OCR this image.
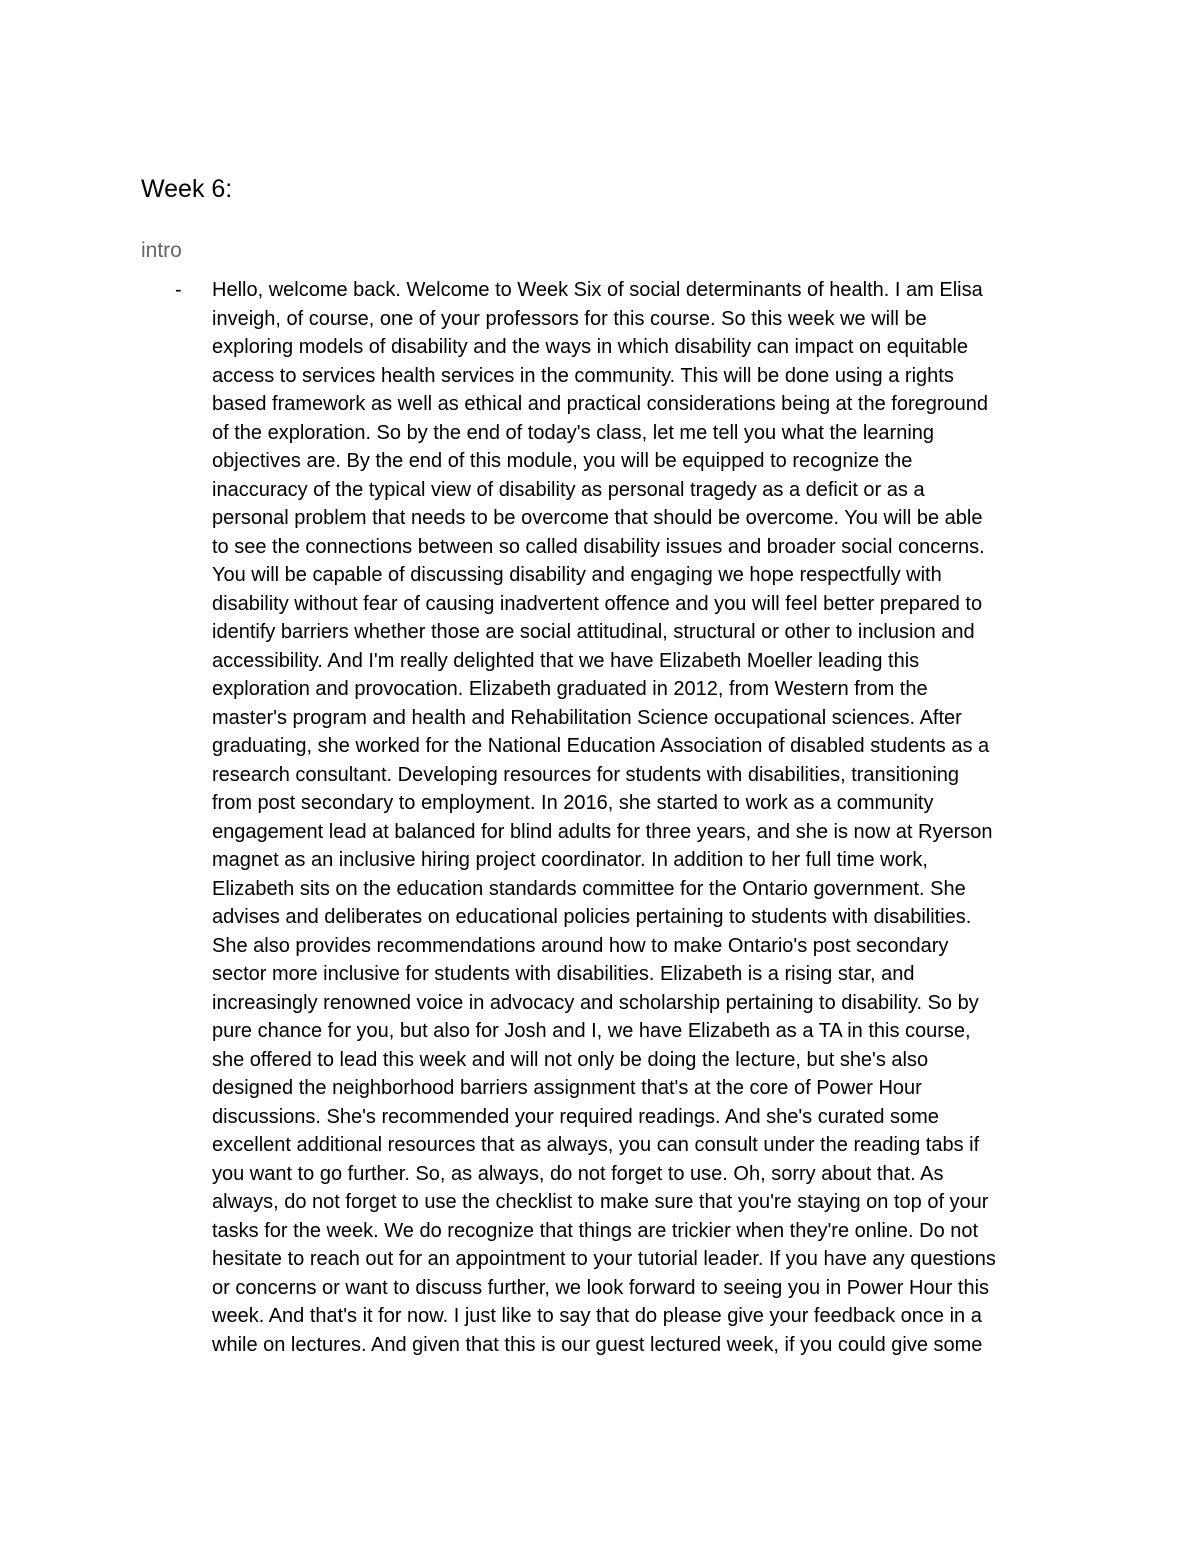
Week 6:
intro
- Hello, welcome back. Welcome to Week Six of social determinants of health. I am Elisa
inveigh, of course, one of your professors for this course. So this week we will be
exploring models of disability and the ways in which disability can impact on equitable
access to services health services in the community. This will be done using a rights
based framework as well as ethical and practical considerations being at the foreground
of the exploration. So by the end of today's class, let me tell you what the learning
objectives are. By the end of this module, you will be equipped to recognize the
inaccuracy of the typical view of disability as personal tragedy as a deficit or as a
personal problem that needs to be overcome that should be overcome. You will be able
to see the connections between so called disability issues and broader social concerns.
You will be capable of discussing disability and engaging we hope respectfully with
disability without fear of causing inadvertent offence and you will feel better prepared to
identify barriers whether those are social attitudinal, structural or other to inclusion and
accessibility. And I'm really delighted that we have Elizabeth Moeller leading this
exploration and provocation. Elizabeth graduated in 2012, from Western from the
master's program and health and Rehabilitation Science occupational sciences. After
graduating, she worked for the National Education Association of disabled students as a
research consultant. Developing resources for students with disabilities, transitioning
from post secondary to employment. In 2016, she started to work as a community
engagement lead at balanced for blind adults for three years, and she is now at Ryerson
magnet as an inclusive hiring project coordinator. In addition to her full time work,
Elizabeth sits on the education standards committee for the Ontario government. She
advises and deliberates on educational policies pertaining to students with disabilities.
She also provides recommendations around how to make Ontario's post secondary
sector more inclusive for students with disabilities. Elizabeth is a rising star, and
increasingly renowned voice in advocacy and scholarship pertaining to disability. So by
pure chance for you, but also for Josh and I, we have Elizabeth as a TA in this course,
she offered to lead this week and will not only be doing the lecture, but she's also
designed the neighborhood barriers assignment that's at the core of Power Hour
discussions. She's recommended your required readings. And she's curated some
excellent additional resources that as always, you can consult under the reading tabs if
you want to go further. So, as always, do not forget to use. Oh, sorry about that. As
always, do not forget to use the checklist to make sure that you're staying on top of your
tasks for the week. We do recognize that things are trickier when they're online. Do not
hesitate to reach out for an appointment to your tutorial leader. If you have any questions
or concerns or want to discuss further, we look forward to seeing you in Power Hour this
week. And that's it for now. I just like to say that do please give your feedback once in a
while on lectures. And given that this is our guest lectured week, if you could give some
